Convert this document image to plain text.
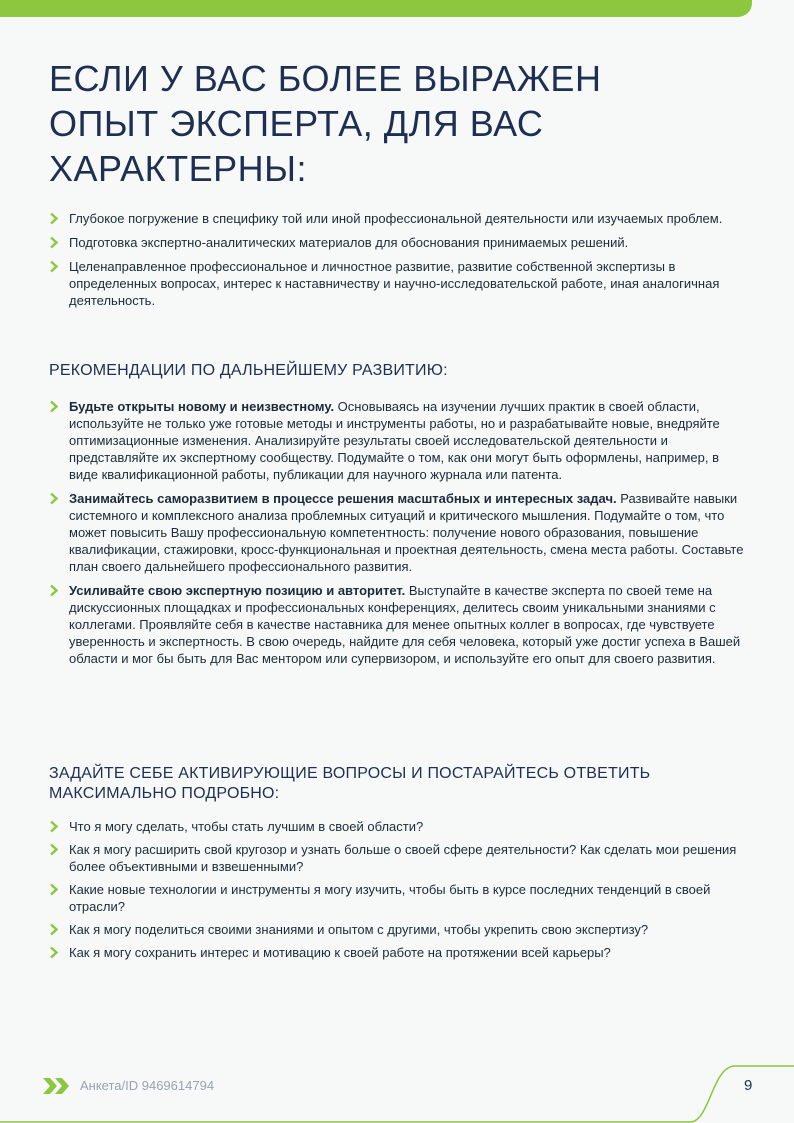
ЕСЛИ У ВАС БОЛЕЕ ВЫРАЖЕН ОПЫТ ЭКСПЕРТА, ДЛЯ ВАС ХАРАКТЕРНЫ:
Глубокое погружение в специфику той или иной профессиональной деятельности или изучаемых проблем.
Подготовка экспертно-аналитических материалов для обоснования принимаемых решений.
Целенаправленное профессиональное и личностное развитие, развитие собственной экспертизы в определенных вопросах, интерес к наставничеству и научно-исследовательской работе, иная аналогичная деятельность.
РЕКОМЕНДАЦИИ ПО ДАЛЬНЕЙШЕМУ РАЗВИТИЮ:
Будьте открыты новому и неизвестному. Основываясь на изучении лучших практик в своей области, используйте не только уже готовые методы и инструменты работы, но и разрабатывайте новые, внедряйте оптимизационные изменения. Анализируйте результаты своей исследовательской деятельности и представляйте их экспертному сообществу. Подумайте о том, как они могут быть оформлены, например, в виде квалификационной работы, публикации для научного журнала или патента.
Занимайтесь саморазвитием в процессе решения масштабных и интересных задач. Развивайте навыки системного и комплексного анализа проблемных ситуаций и критического мышления. Подумайте о том, что может повысить Вашу профессиональную компетентность: получение нового образования, повышение квалификации, стажировки, кросс-функциональная и проектная деятельность, смена места работы. Составьте план своего дальнейшего профессионального развития.
Усиливайте свою экспертную позицию и авторитет. Выступайте в качестве эксперта по своей теме на дискуссионных площадках и профессиональных конференциях, делитесь своим уникальными знаниями с коллегами. Проявляйте себя в качестве наставника для менее опытных коллег в вопросах, где чувствуете уверенность и экспертность. В свою очередь, найдите для себя человека, который уже достиг успеха в Вашей области и мог бы быть для Вас ментором или супервизором, и используйте его опыт для своего развития.
ЗАДАЙТЕ СЕБЕ АКТИВИРУЮЩИЕ ВОПРОСЫ И ПОСТАРАЙТЕСЬ ОТВЕТИТЬ МАКСИМАЛЬНО ПОДРОБНО:
Что я могу сделать, чтобы стать лучшим в своей области?
Как я могу расширить свой кругозор и узнать больше о своей сфере деятельности? Как сделать мои решения более объективными и взвешенными?
Какие новые технологии и инструменты я могу изучить, чтобы быть в курсе последних тенденций в своей отрасли?
Как я могу поделиться своими знаниями и опытом с другими, чтобы укрепить свою экспертизу?
Как я могу сохранить интерес и мотивацию к своей работе на протяжении всей карьеры?
Анкета/ID 9469614794	9
